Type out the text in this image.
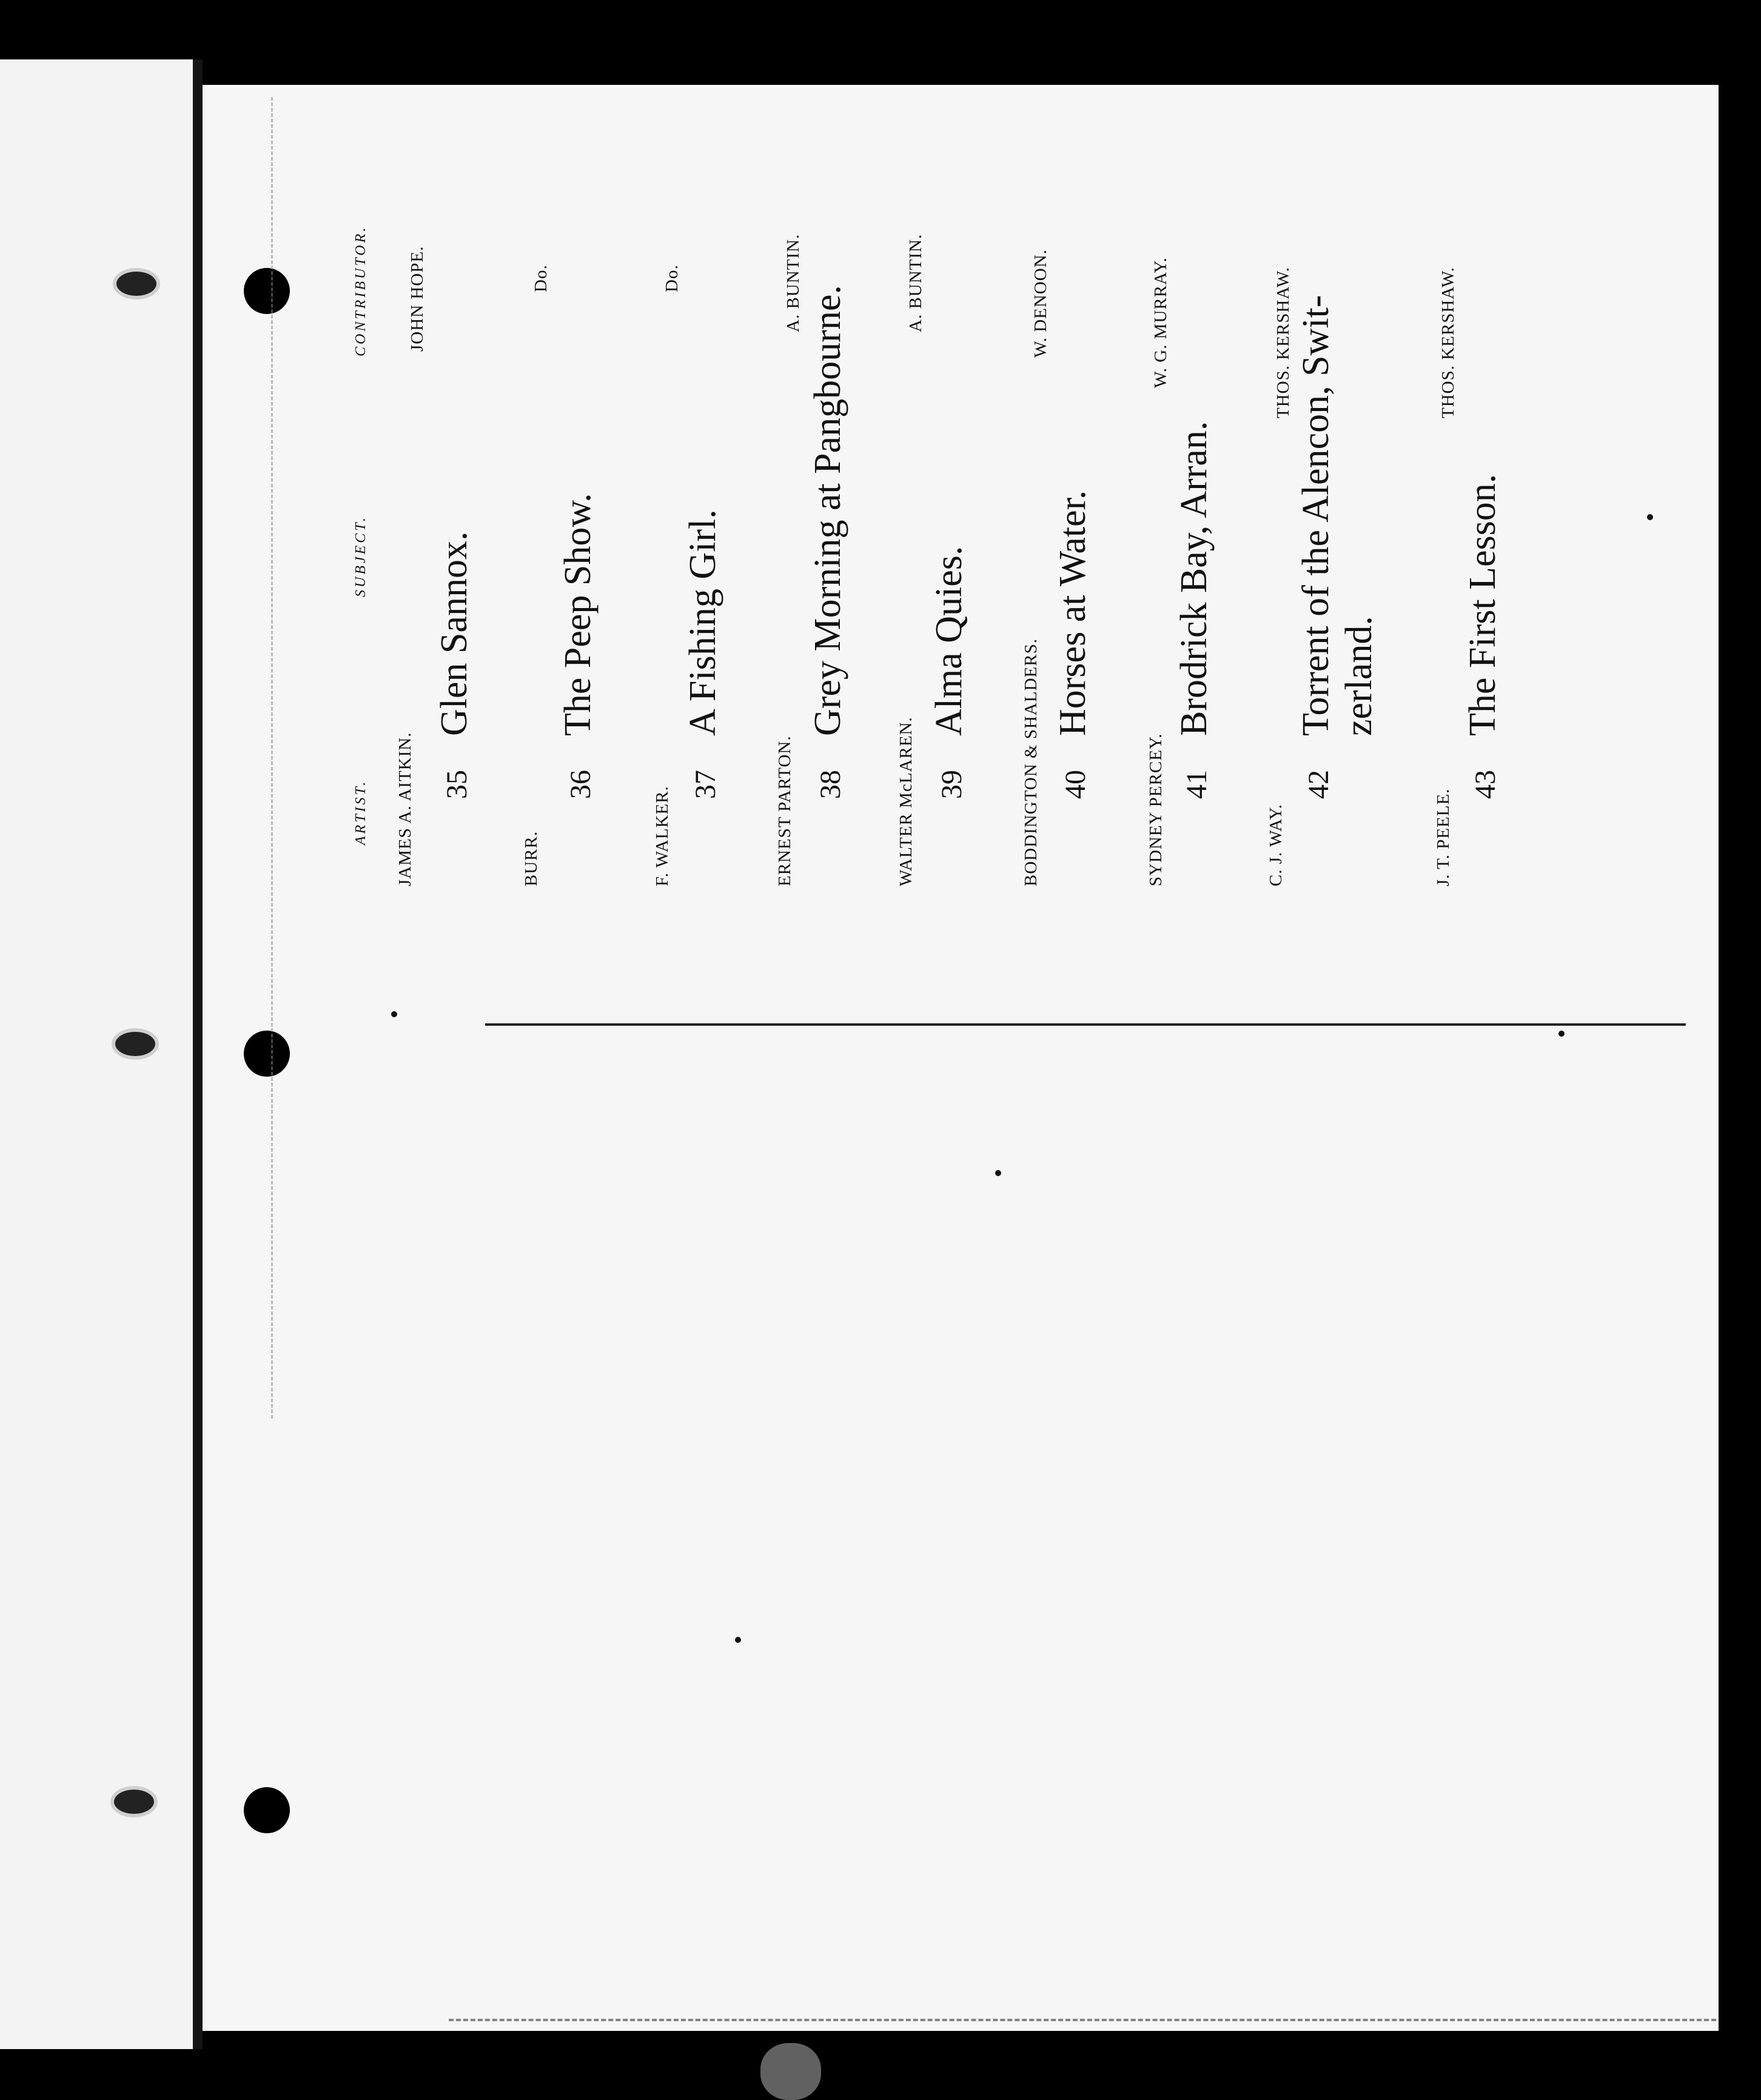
ARTIST.
SUBJECT.
CONTRIBUTOR.
JAMES A. AITKIN. 35Glen Sannox.
JOHN HOPE.
BURR.
36The Peep Show.
Do.
F. WALKER.
37A Fishing Girl.
Do.
ERNEST PARTON. 38Grey Morning at Pangbourne.
A. BUNTIN.
WALTER McLAREN. 39Alma Quies.
A. BUNTIN.
BODDINGTON & SHALDERS. 40Horses at Water.
W. DENOON.
SYDNEY PERCEY. 41Brodrick Bay, Arran.
W. G. MURRAY.
C. J. WAY.
42Torrent of the Alencon, Swit- zerland.
THOS. KERSHAW.
J. T. PEELE.
43The First Lesson.
THOS. KERSHAW.
